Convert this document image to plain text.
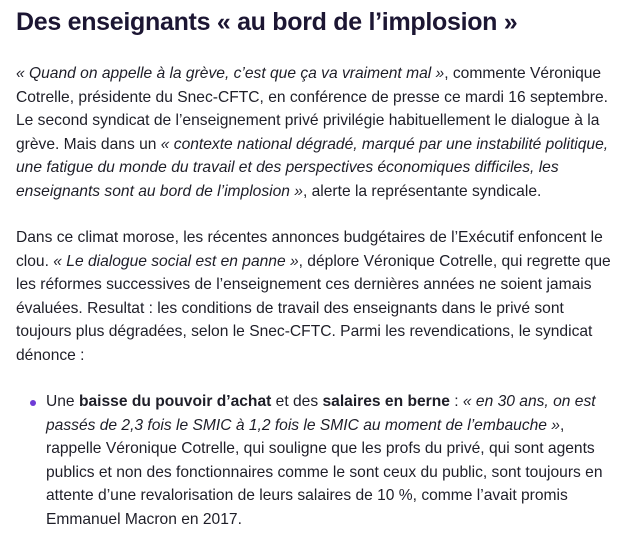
Des enseignants « au bord de l’implosion »

« Quand on appelle à la grève, c’est que ça va vraiment mal », commente Véronique Cotrelle, présidente du Snec-CFTC, en conférence de presse ce mardi 16 septembre. Le second syndicat de l’enseignement privé privilégie habituellement le dialogue à la grève. Mais dans un « contexte national dégradé, marqué par une instabilité politique, une fatigue du monde du travail et des perspectives économiques difficiles, les enseignants sont au bord de l’implosion », alerte la représentante syndicale.

Dans ce climat morose, les récentes annonces budgétaires de l’Exécutif enfoncent le clou. « Le dialogue social est en panne », déplore Véronique Cotrelle, qui regrette que les réformes successives de l’enseignement ces dernières années ne soient jamais évaluées. Resultat : les conditions de travail des enseignants dans le privé sont toujours plus dégradées, selon le Snec-CFTC. Parmi les revendications, le syndicat dénonce :

Une baisse du pouvoir d’achat et des salaires en berne : « en 30 ans, on est passés de 2,3 fois le SMIC à 1,2 fois le SMIC au moment de l’embauche », rappelle Véronique Cotrelle, qui souligne que les profs du privé, qui sont agents publics et non des fonctionnaires comme le sont ceux du public, sont toujours en attente d’une revalorisation de leurs salaires de 10 %, comme l’avait promis Emmanuel Macron en 2017.
